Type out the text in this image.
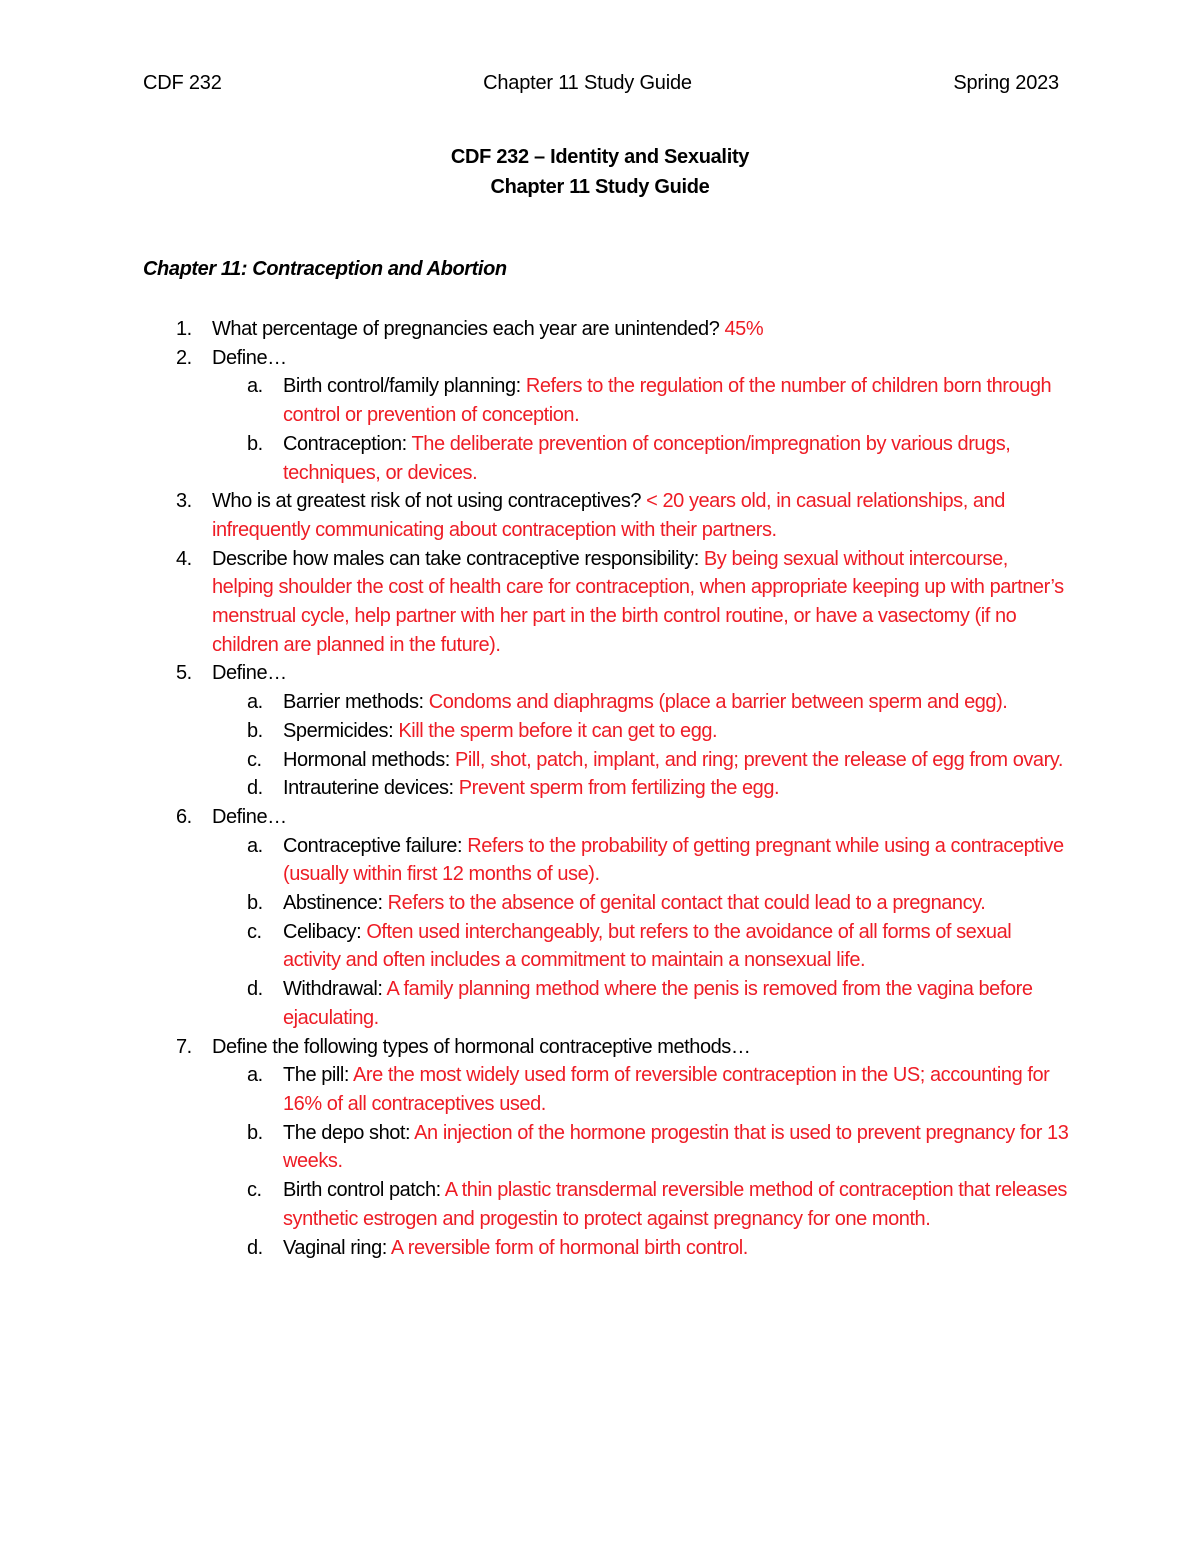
CDF 232	Chapter 11 Study Guide	Spring 2023
CDF 232 – Identity and Sexuality
Chapter 11 Study Guide
Chapter 11: Contraception and Abortion
1. What percentage of pregnancies each year are unintended? 45%
2. Define…
a. Birth control/family planning: Refers to the regulation of the number of children born through control or prevention of conception.
b. Contraception: The deliberate prevention of conception/impregnation by various drugs, techniques, or devices.
3. Who is at greatest risk of not using contraceptives? < 20 years old, in casual relationships, and infrequently communicating about contraception with their partners.
4. Describe how males can take contraceptive responsibility: By being sexual without intercourse, helping shoulder the cost of health care for contraception, when appropriate keeping up with partner’s menstrual cycle, help partner with her part in the birth control routine, or have a vasectomy (if no children are planned in the future).
5. Define…
a. Barrier methods: Condoms and diaphragms (place a barrier between sperm and egg).
b. Spermicides: Kill the sperm before it can get to egg.
c. Hormonal methods: Pill, shot, patch, implant, and ring; prevent the release of egg from ovary.
d. Intrauterine devices: Prevent sperm from fertilizing the egg.
6. Define…
a. Contraceptive failure: Refers to the probability of getting pregnant while using a contraceptive (usually within first 12 months of use).
b. Abstinence: Refers to the absence of genital contact that could lead to a pregnancy.
c. Celibacy: Often used interchangeably, but refers to the avoidance of all forms of sexual activity and often includes a commitment to maintain a nonsexual life.
d. Withdrawal: A family planning method where the penis is removed from the vagina before ejaculating.
7. Define the following types of hormonal contraceptive methods…
a. The pill: Are the most widely used form of reversible contraception in the US; accounting for 16% of all contraceptives used.
b. The depo shot: An injection of the hormone progestin that is used to prevent pregnancy for 13 weeks.
c. Birth control patch: A thin plastic transdermal reversible method of contraception that releases synthetic estrogen and progestin to protect against pregnancy for one month.
d. Vaginal ring: A reversible form of hormonal birth control.
